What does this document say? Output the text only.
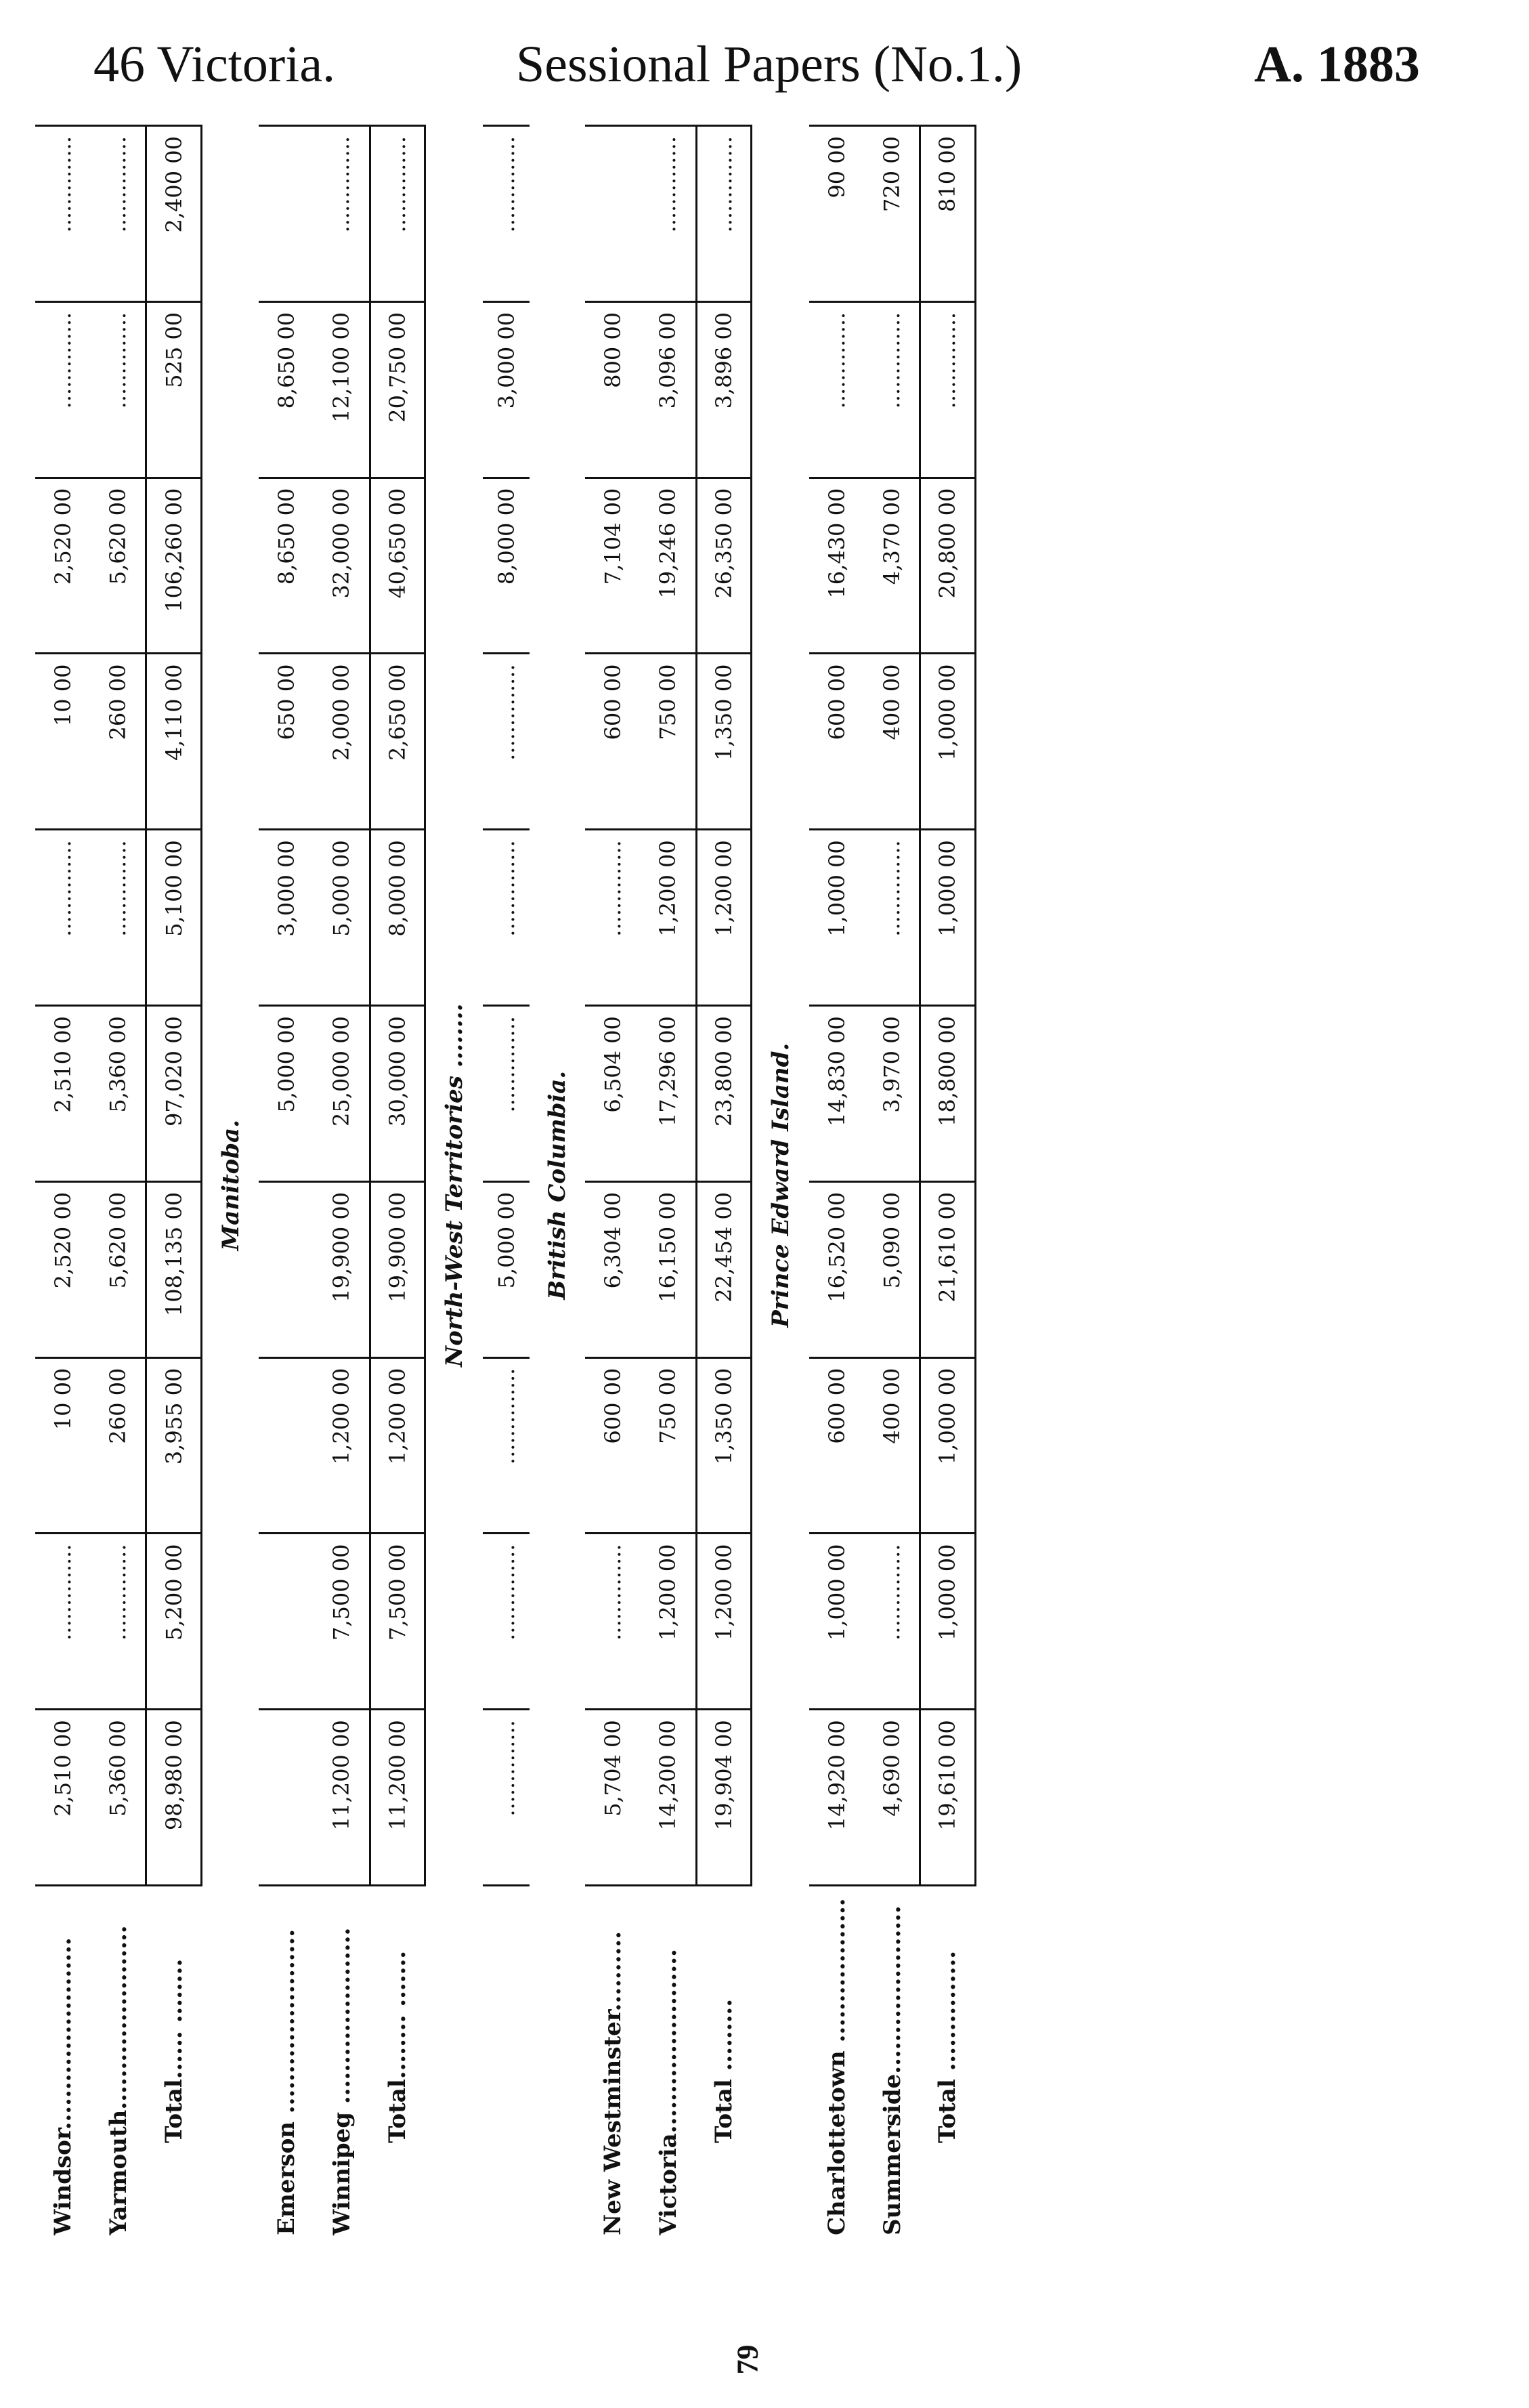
46 Victoria.	Sessional Papers (No.1.)	A. 1883
Windsor........................	2,510 00	..............	10 00	2,520 00	2,510 00	..............	10 00	2,520 00	..............	..............
Yarmouth.......................	5,360 00	..............	260 00	5,620 00	5,360 00	..............	260 00	5,620 00	..............	..............
Total...... ........	98,980 00	5,200 00	3,955 00	108,135 00	97,020 00	5,100 00	4,110 00	106,260 00	525 00	2,400 00
Manitoba.										
Emerson .......................					5,000 00	3,000 00	650 00	8,650 00	8,650 00	
Winnipeg ......................	11,200 00	7,500 00	1,200 00	19,900 00	25,000 00	5,000 00	2,000 00	32,000 00	12,100 00	..............
Total........ .......	11,200 00	7,500 00	1,200 00	19,900 00	30,000 00	8,000 00	2,650 00	40,650 00	20,750 00	..............
North-West Territories ........										
	..............	..............	..............	5,000 00	..............	..............	..............	8,000 00	3,000 00	..............
British Columbia.										
New Westminster..........	5,704 00	..............	600 00	6,304 00	6,504 00	..............	600 00	7,104 00	800 00	
Victoria.......................	14,200 00	1,200 00	750 00	16,150 00	17,296 00	1,200 00	750 00	19,246 00	3,096 00	..............
Total .........	19,904 00	1,200 00	1,350 00	22,454 00	23,800 00	1,200 00	1,350 00	26,350 00	3,896 00	..............
Prince Edward Island.										
Charlottetown ..................	14,920 00	1,000 00	600 00	16,520 00	14,830 00	1,000 00	600 00	16,430 00	..............	90 00
Summerside.....................	4,690 00	..............	400 00	5,090 00	3,970 00	..............	400 00	4,370 00	..............	720 00
Total ...............	19,610 00	1,000 00	1,000 00	21,610 00	18,800 00	1,000 00	1,000 00	20,800 00	..............	810 00
79
